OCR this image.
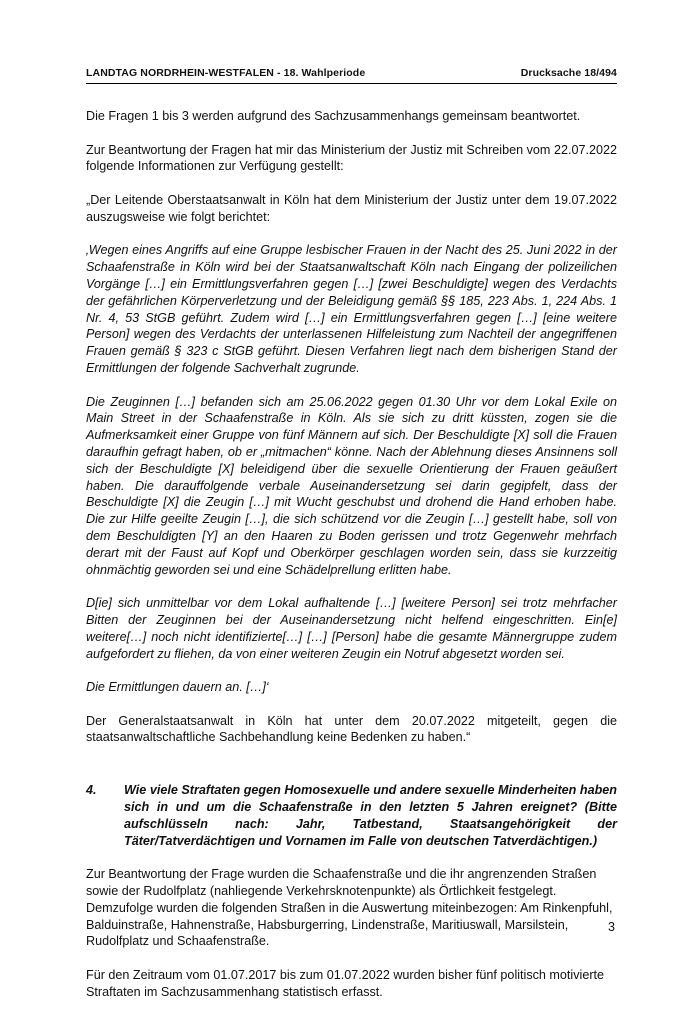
LANDTAG NORDRHEIN-WESTFALEN - 18. Wahlperiode	Drucksache 18/494

Die Fragen 1 bis 3 werden aufgrund des Sachzusammenhangs gemeinsam beantwortet.

Zur Beantwortung der Fragen hat mir das Ministerium der Justiz mit Schreiben vom 22.07.2022 folgende Informationen zur Verfügung gestellt:

„Der Leitende Oberstaatsanwalt in Köln hat dem Ministerium der Justiz unter dem 19.07.2022 auszugsweise wie folgt berichtet:

‚Wegen eines Angriffs auf eine Gruppe lesbischer Frauen in der Nacht des 25. Juni 2022 in der Schaafenstraße in Köln wird bei der Staatsanwaltschaft Köln nach Eingang der polizeilichen Vorgänge […] ein Ermittlungsverfahren gegen […] [zwei Beschuldigte] wegen des Verdachts der gefährlichen Körperverletzung und der Beleidigung gemäß §§ 185, 223 Abs. 1, 224 Abs. 1 Nr. 4, 53 StGB geführt. Zudem wird […] ein Ermittlungsverfahren gegen […] [eine weitere Person] wegen des Verdachts der unterlassenen Hilfeleistung zum Nachteil der angegriffenen Frauen gemäß § 323 c StGB geführt. Diesen Verfahren liegt nach dem bisherigen Stand der Ermittlungen der folgende Sachverhalt zugrunde.

Die Zeuginnen […] befanden sich am 25.06.2022 gegen 01.30 Uhr vor dem Lokal Exile on Main Street in der Schaafenstraße in Köln. Als sie sich zu dritt küssten, zogen sie die Aufmerksamkeit einer Gruppe von fünf Männern auf sich. Der Beschuldigte [X] soll die Frauen daraufhin gefragt haben, ob er „mitmachen“ könne. Nach der Ablehnung dieses Ansinnens soll sich der Beschuldigte [X] beleidigend über die sexuelle Orientierung der Frauen geäußert haben. Die darauffolgende verbale Auseinandersetzung sei darin gegipfelt, dass der Beschuldigte [X] die Zeugin […] mit Wucht geschubst und drohend die Hand erhoben habe. Die zur Hilfe geeilte Zeugin […], die sich schützend vor die Zeugin […] gestellt habe, soll von dem Beschuldigten [Y] an den Haaren zu Boden gerissen und trotz Gegenwehr mehrfach derart mit der Faust auf Kopf und Oberkörper geschlagen worden sein, dass sie kurzzeitig ohnmächtig geworden sei und eine Schädelprellung erlitten habe.

D[ie] sich unmittelbar vor dem Lokal aufhaltende […] [weitere Person] sei trotz mehrfacher Bitten der Zeuginnen bei der Auseinandersetzung nicht helfend eingeschritten. Ein[e] weitere[…] noch nicht identifizierte[…] […] [Person] habe die gesamte Männergruppe zudem aufgefordert zu fliehen, da von einer weiteren Zeugin ein Notruf abgesetzt worden sei.

Die Ermittlungen dauern an. […]‘

Der Generalstaatsanwalt in Köln hat unter dem 20.07.2022 mitgeteilt, gegen die staatsanwaltschaftliche Sachbehandlung keine Bedenken zu haben.“

4.	Wie viele Straftaten gegen Homosexuelle und andere sexuelle Minderheiten haben sich in und um die Schaafenstraße in den letzten 5 Jahren ereignet? (Bitte aufschlüsseln nach: Jahr, Tatbestand, Staatsangehörigkeit der Täter/Tatverdächtigen und Vornamen im Falle von deutschen Tatverdächtigen.)

Zur Beantwortung der Frage wurden die Schaafenstraße und die ihr angrenzenden Straßen sowie der Rudolfplatz (nahliegende Verkehrsknotenpunkte) als Örtlichkeit festgelegt. Demzufolge wurden die folgenden Straßen in die Auswertung miteinbezogen: Am Rinkenpfuhl, Balduinstraße, Hahnenstraße, Habsburgerring, Lindenstraße, Maritiuswall, Marsilstein, Rudolfplatz und Schaafenstraße.

Für den Zeitraum vom 01.07.2017 bis zum 01.07.2022 wurden bisher fünf politisch motivierte Straftaten im Sachzusammenhang statistisch erfasst.

3
